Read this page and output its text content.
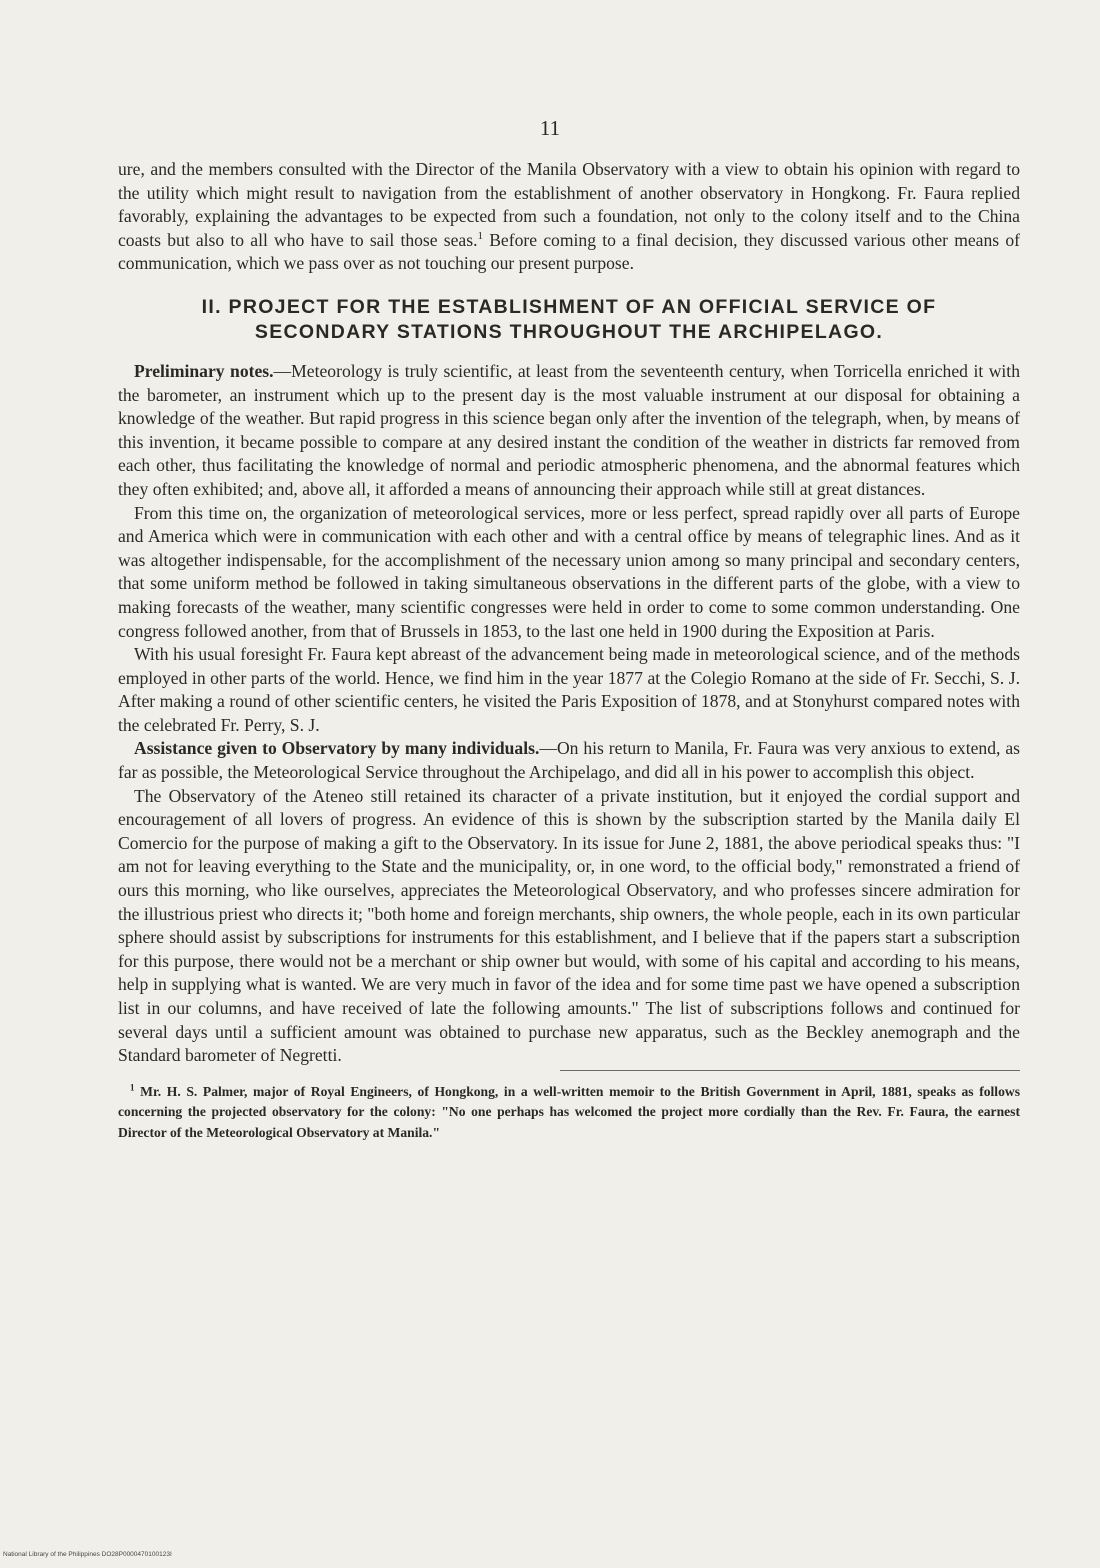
11

ure, and the members consulted with the Director of the Manila Observatory with a view to obtain his opinion with regard to the utility which might result to navigation from the establishment of another observatory in Hongkong. Fr. Faura replied favorably, explaining the advantages to be expected from such a foundation, not only to the colony itself and to the China coasts but also to all who have to sail those seas.$^1$ Before coming to a final decision, they discussed various other means of communication, which we pass over as not touching our present purpose.

II. PROJECT FOR THE ESTABLISHMENT OF AN OFFICIAL SERVICE OF
SECONDARY STATIONS THROUGHOUT THE ARCHIPELAGO.

Preliminary notes.—Meteorology is truly scientific, at least from the seventeenth century, when Torricella enriched it with the barometer, an instrument which up to the present day is the most valuable instrument at our disposal for obtaining a knowledge of the weather. But rapid progress in this science began only after the invention of the telegraph, when, by means of this invention, it became possible to compare at any desired instant the condition of the weather in districts far removed from each other, thus facilitating the knowledge of normal and periodic atmospheric phenomena, and the abnormal features which they often exhibited; and, above all, it afforded a means of announcing their approach while still at great distances.

From this time on, the organization of meteorological services, more or less perfect, spread rapidly over all parts of Europe and America which were in communication with each other and with a central office by means of telegraphic lines. And as it was altogether indispensable, for the accomplishment of the necessary union among so many principal and secondary centers, that some uniform method be followed in taking simultaneous observations in the different parts of the globe, with a view to making forecasts of the weather, many scientific congresses were held in order to come to some common understanding. One congress followed another, from that of Brussels in 1853, to the last one held in 1900 during the Exposition at Paris.

With his usual foresight Fr. Faura kept abreast of the advancement being made in meteorological science, and of the methods employed in other parts of the world. Hence, we find him in the year 1877 at the Colegio Romano at the side of Fr. Secchi, S. J. After making a round of other scientific centers, he visited the Paris Exposition of 1878, and at Stonyhurst compared notes with the celebrated Fr. Perry, S. J.

Assistance given to Observatory by many individuals.—On his return to Manila, Fr. Faura was very anxious to extend, as far as possible, the Meteorological Service throughout the Archipelago, and did all in his power to accomplish this object.

The Observatory of the Ateneo still retained its character of a private institution, but it enjoyed the cordial support and encouragement of all lovers of progress. An evidence of this is shown by the subscription started by the Manila daily El Comercio for the purpose of making a gift to the Observatory. In its issue for June 2, 1881, the above periodical speaks thus: "I am not for leaving everything to the State and the municipality, or, in one word, to the official body," remonstrated a friend of ours this morning, who like ourselves, appreciates the Meteorological Observatory, and who professes sincere admiration for the illustrious priest who directs it; "both home and foreign merchants, ship owners, the whole people, each in its own particular sphere should assist by subscriptions for instruments for this establishment, and I believe that if the papers start a subscription for this purpose, there would not be a merchant or ship owner but would, with some of his capital and according to his means, help in supplying what is wanted. We are very much in favor of the idea and for some time past we have opened a subscription list in our columns, and have received of late the following amounts." The list of subscriptions follows and continued for several days until a sufficient amount was obtained to purchase new apparatus, such as the Beckley anemograph and the Standard barometer of Negretti.

$^1$ Mr. H. S. Palmer, major of Royal Engineers, of Hongkong, in a well-written memoir to the British Government in April, 1881, speaks as follows concerning the projected observatory for the colony: "No one perhaps has welcomed the project more cordially than the Rev. Fr. Faura, the earnest Director of the Meteorological Observatory at Manila."

National Library of the Philippines DO28P0000470100123I
